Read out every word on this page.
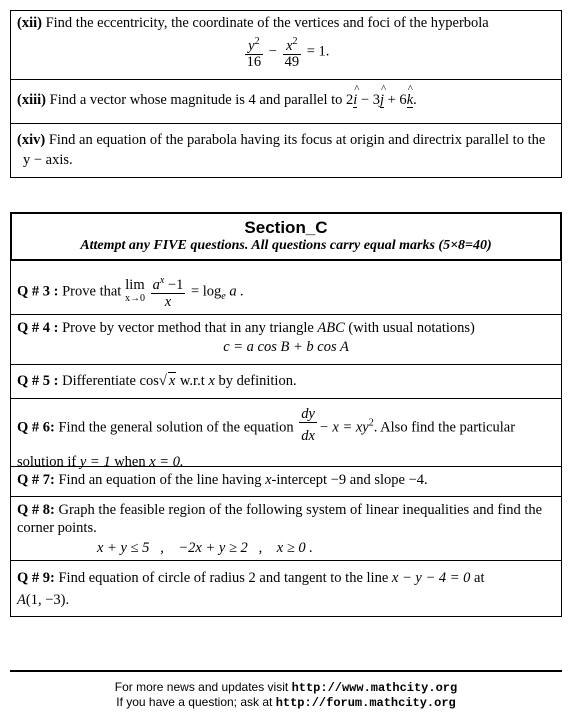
(xii) Find the eccentricity, the coordinate of the vertices and foci of the hyperbola
$\frac{y^2}{16} - \frac{x^2}{49} = 1$.
(xiii) Find a vector whose magnitude is 4 and parallel to 2^ i − 3^ j + 6^ k.
(xiv) Find an equation of the parabola having its focus at origin and directrix parallel to the y − axis.
Section_C
Attempt any FIVE questions. All questions carry equal marks (5×8=40)
Q # 3 : Prove that lim
$x\to 0 \frac{a^x -1}{x} = \log_e a$ .
Q # 4 : Prove by vector method that in any triangle ABC (with usual notations)
c = a cos B + b cos A
Q # 5 : Differentiate cos√ x w.r.t x by definition.
Q # 6: Find the general solution of the equation $\frac{dy}{dx} - x = xy^2$. Also find the particular
solution if y = 1 when x = 0.
Q # 7: Find an equation of the line having x-intercept −9 and slope −4.
Q # 8: Graph the feasible region of the following system of linear inequalities and find the corner points.
x + y ≤ 5   ,    −2x + y ≥ 2   ,    x ≥ 0 .
Q # 9: Find equation of circle of radius 2 and tangent to the line x − y − 4 = 0 at
A(1, −3).
For more news and updates visit http://www.mathcity.org
If you have a question; ask at http://forum.mathcity.org
